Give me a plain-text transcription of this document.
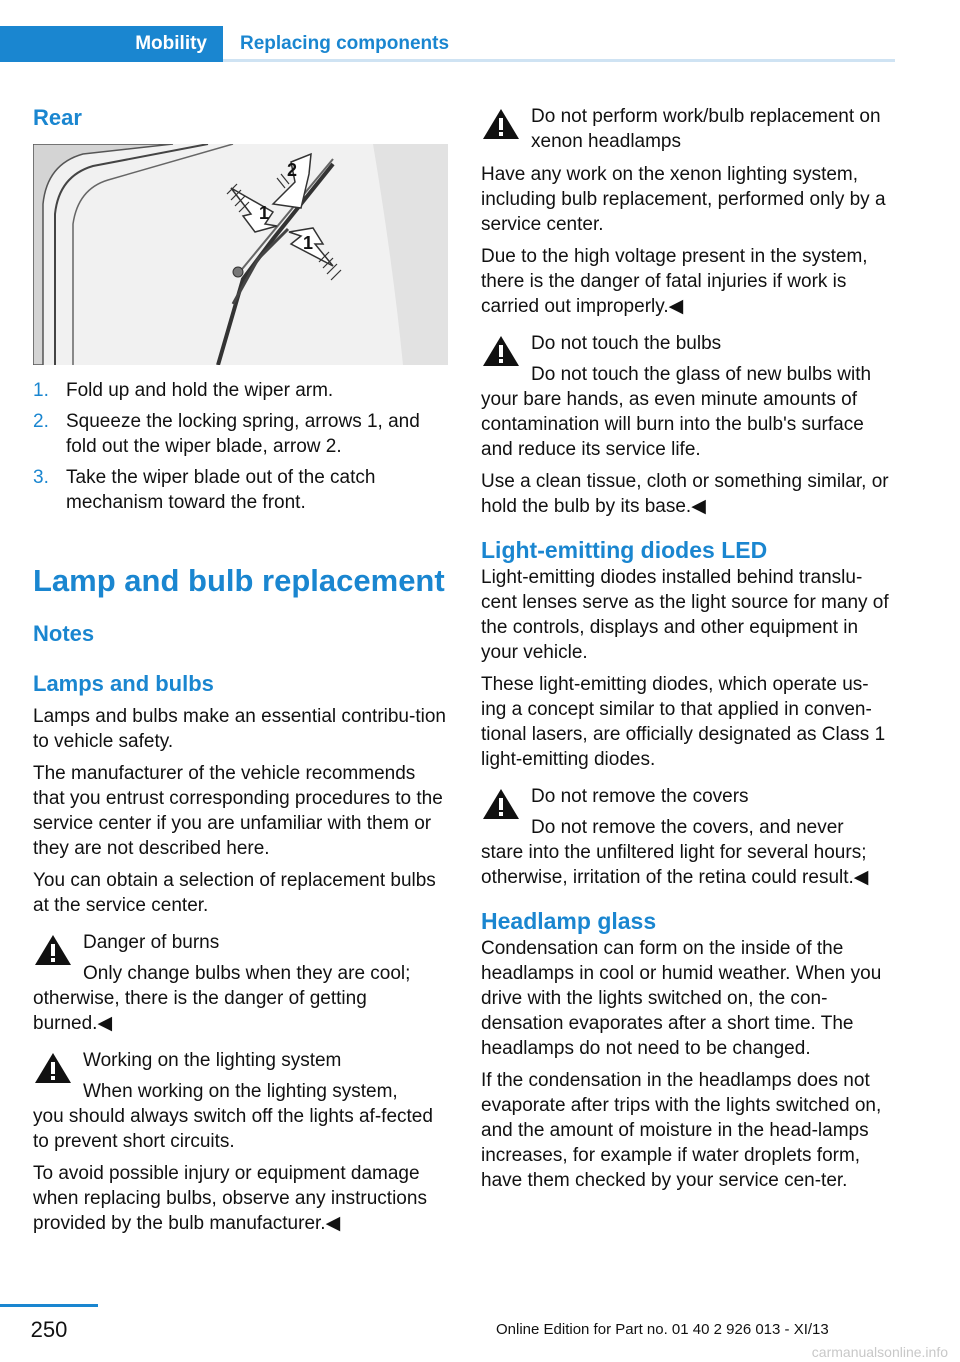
Mobility	Replacing components
Rear
1
1
2
1. Fold up and hold the wiper arm.
2. Squeeze the locking spring, arrows 1, and fold out the wiper blade, arrow 2.
3. Take the wiper blade out of the catch mechanism toward the front.
Lamp and bulb replacement
Notes
Lamps and bulbs

Lamps and bulbs make an essential contribu‐tion to vehicle safety.

The manufacturer of the vehicle recommends that you entrust corresponding procedures to the service center if you are unfamiliar with them or they are not described here.

You can obtain a selection of replacement bulbs at the service center.

Danger of burns
Only change bulbs when they are cool;

otherwise, there is the danger of getting burned.◀

Working on the lighting system
When working on the lighting system,

you should always switch off the lights af‐fected to prevent short circuits.

To avoid possible injury or equipment damage when replacing bulbs, observe any instructions provided by the bulb manufacturer.◀

Do not perform work/bulb replacement on xenon headlamps

Have any work on the xenon lighting system, including bulb replacement, performed only by a service center.

Due to the high voltage present in the system, there is the danger of fatal injuries if work is carried out improperly.◀

Do not touch the bulbs
Do not touch the glass of new bulbs with

your bare hands, as even minute amounts of contamination will burn into the bulb's surface and reduce its service life.

Use a clean tissue, cloth or something similar, or hold the bulb by its base.◀

Light-emitting diodes LED

Light-emitting diodes installed behind translu‐cent lenses serve as the light source for many of the controls, displays and other equipment in your vehicle.

These light-emitting diodes, which operate us‐ing a concept similar to that applied in conven‐tional lasers, are officially designated as Class 1 light-emitting diodes.

Do not remove the covers
Do not remove the covers, and never

stare into the unfiltered light for several hours; otherwise, irritation of the retina could result.◀

Headlamp glass

Condensation can form on the inside of the headlamps in cool or humid weather. When you drive with the lights switched on, the con‐densation evaporates after a short time. The headlamps do not need to be changed.

If the condensation in the headlamps does not evaporate after trips with the lights switched on, and the amount of moisture in the head‐lamps increases, for example if water droplets form, have them checked by your service cen‐ter.

250	Online Edition for Part no. 01 40 2 926 013 - XI/13
carmanualsonline.info
